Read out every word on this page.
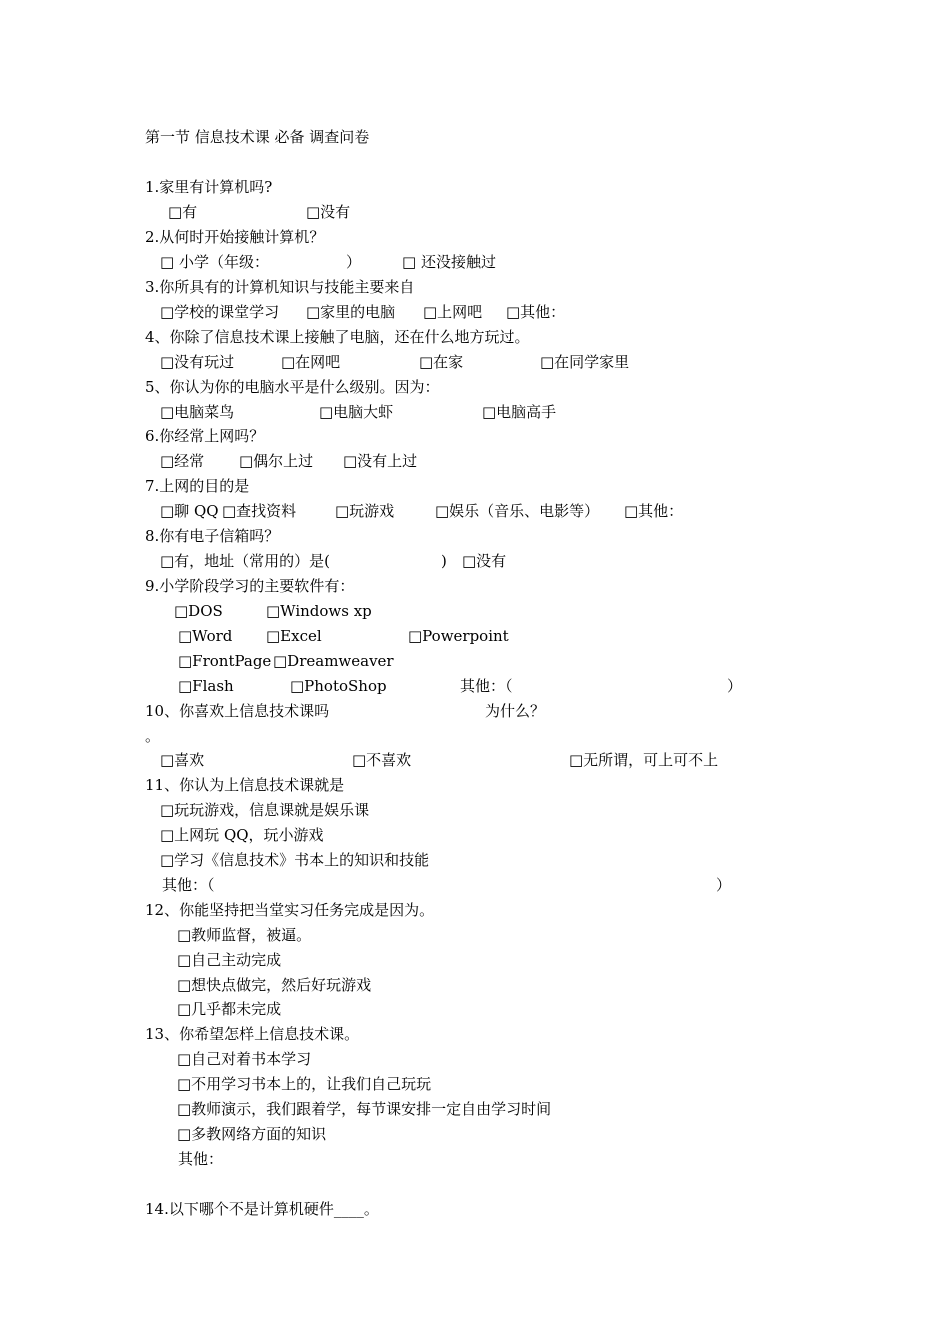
第一节 信息技术课 必备 调查问卷
1.家里有计算机吗?
□有	□没有
2.从何时开始接触计算机？
□ 小学（年级：	）	□ 还没接触过
3.你所具有的计算机知识与技能主要来自
□学校的课堂学习 □家里的电脑 □上网吧 □其他：
4、你除了信息技术课上接触了电脑，还在什么地方玩过。
□没有玩过	□在网吧	□在家	□在同学家里
5、你认为你的电脑水平是什么级别。因为：
□电脑菜鸟	□电脑大虾	□电脑高手
6.你经常上网吗？
□经常 □偶尔上过 □没有上过
7.上网的目的是
□聊 QQ □查找资料	□玩游戏	□娱乐（音乐、电影等） □其他：
8.你有电子信箱吗？
□有，地址（常用的）是(	) □没有
9.小学阶段学习的主要软件有：
□DOS	□Windows xp
□Word □Excel	□Powerpoint
□FrontPage □Dreamweaver
□Flash	□PhotoShop	其他：（	）
10、你喜欢上信息技术课吗	为什么？
。
□喜欢	□不喜欢	□无所谓，可上可不上
11、你认为上信息技术课就是
□玩玩游戏，信息课就是娱乐课
□上网玩 QQ，玩小游戏
□学习《信息技术》书本上的知识和技能
其他：（	）
12、你能坚持把当堂实习任务完成是因为。
□教师监督，被逼。
□自己主动完成
□想快点做完，然后好玩游戏
□几乎都未完成
13、你希望怎样上信息技术课。
□自己对着书本学习
□不用学习书本上的，让我们自己玩玩
□教师演示，我们跟着学，每节课安排一定自由学习时间
□多教网络方面的知识
其他：
14.以下哪个不是计算机硬件____。
